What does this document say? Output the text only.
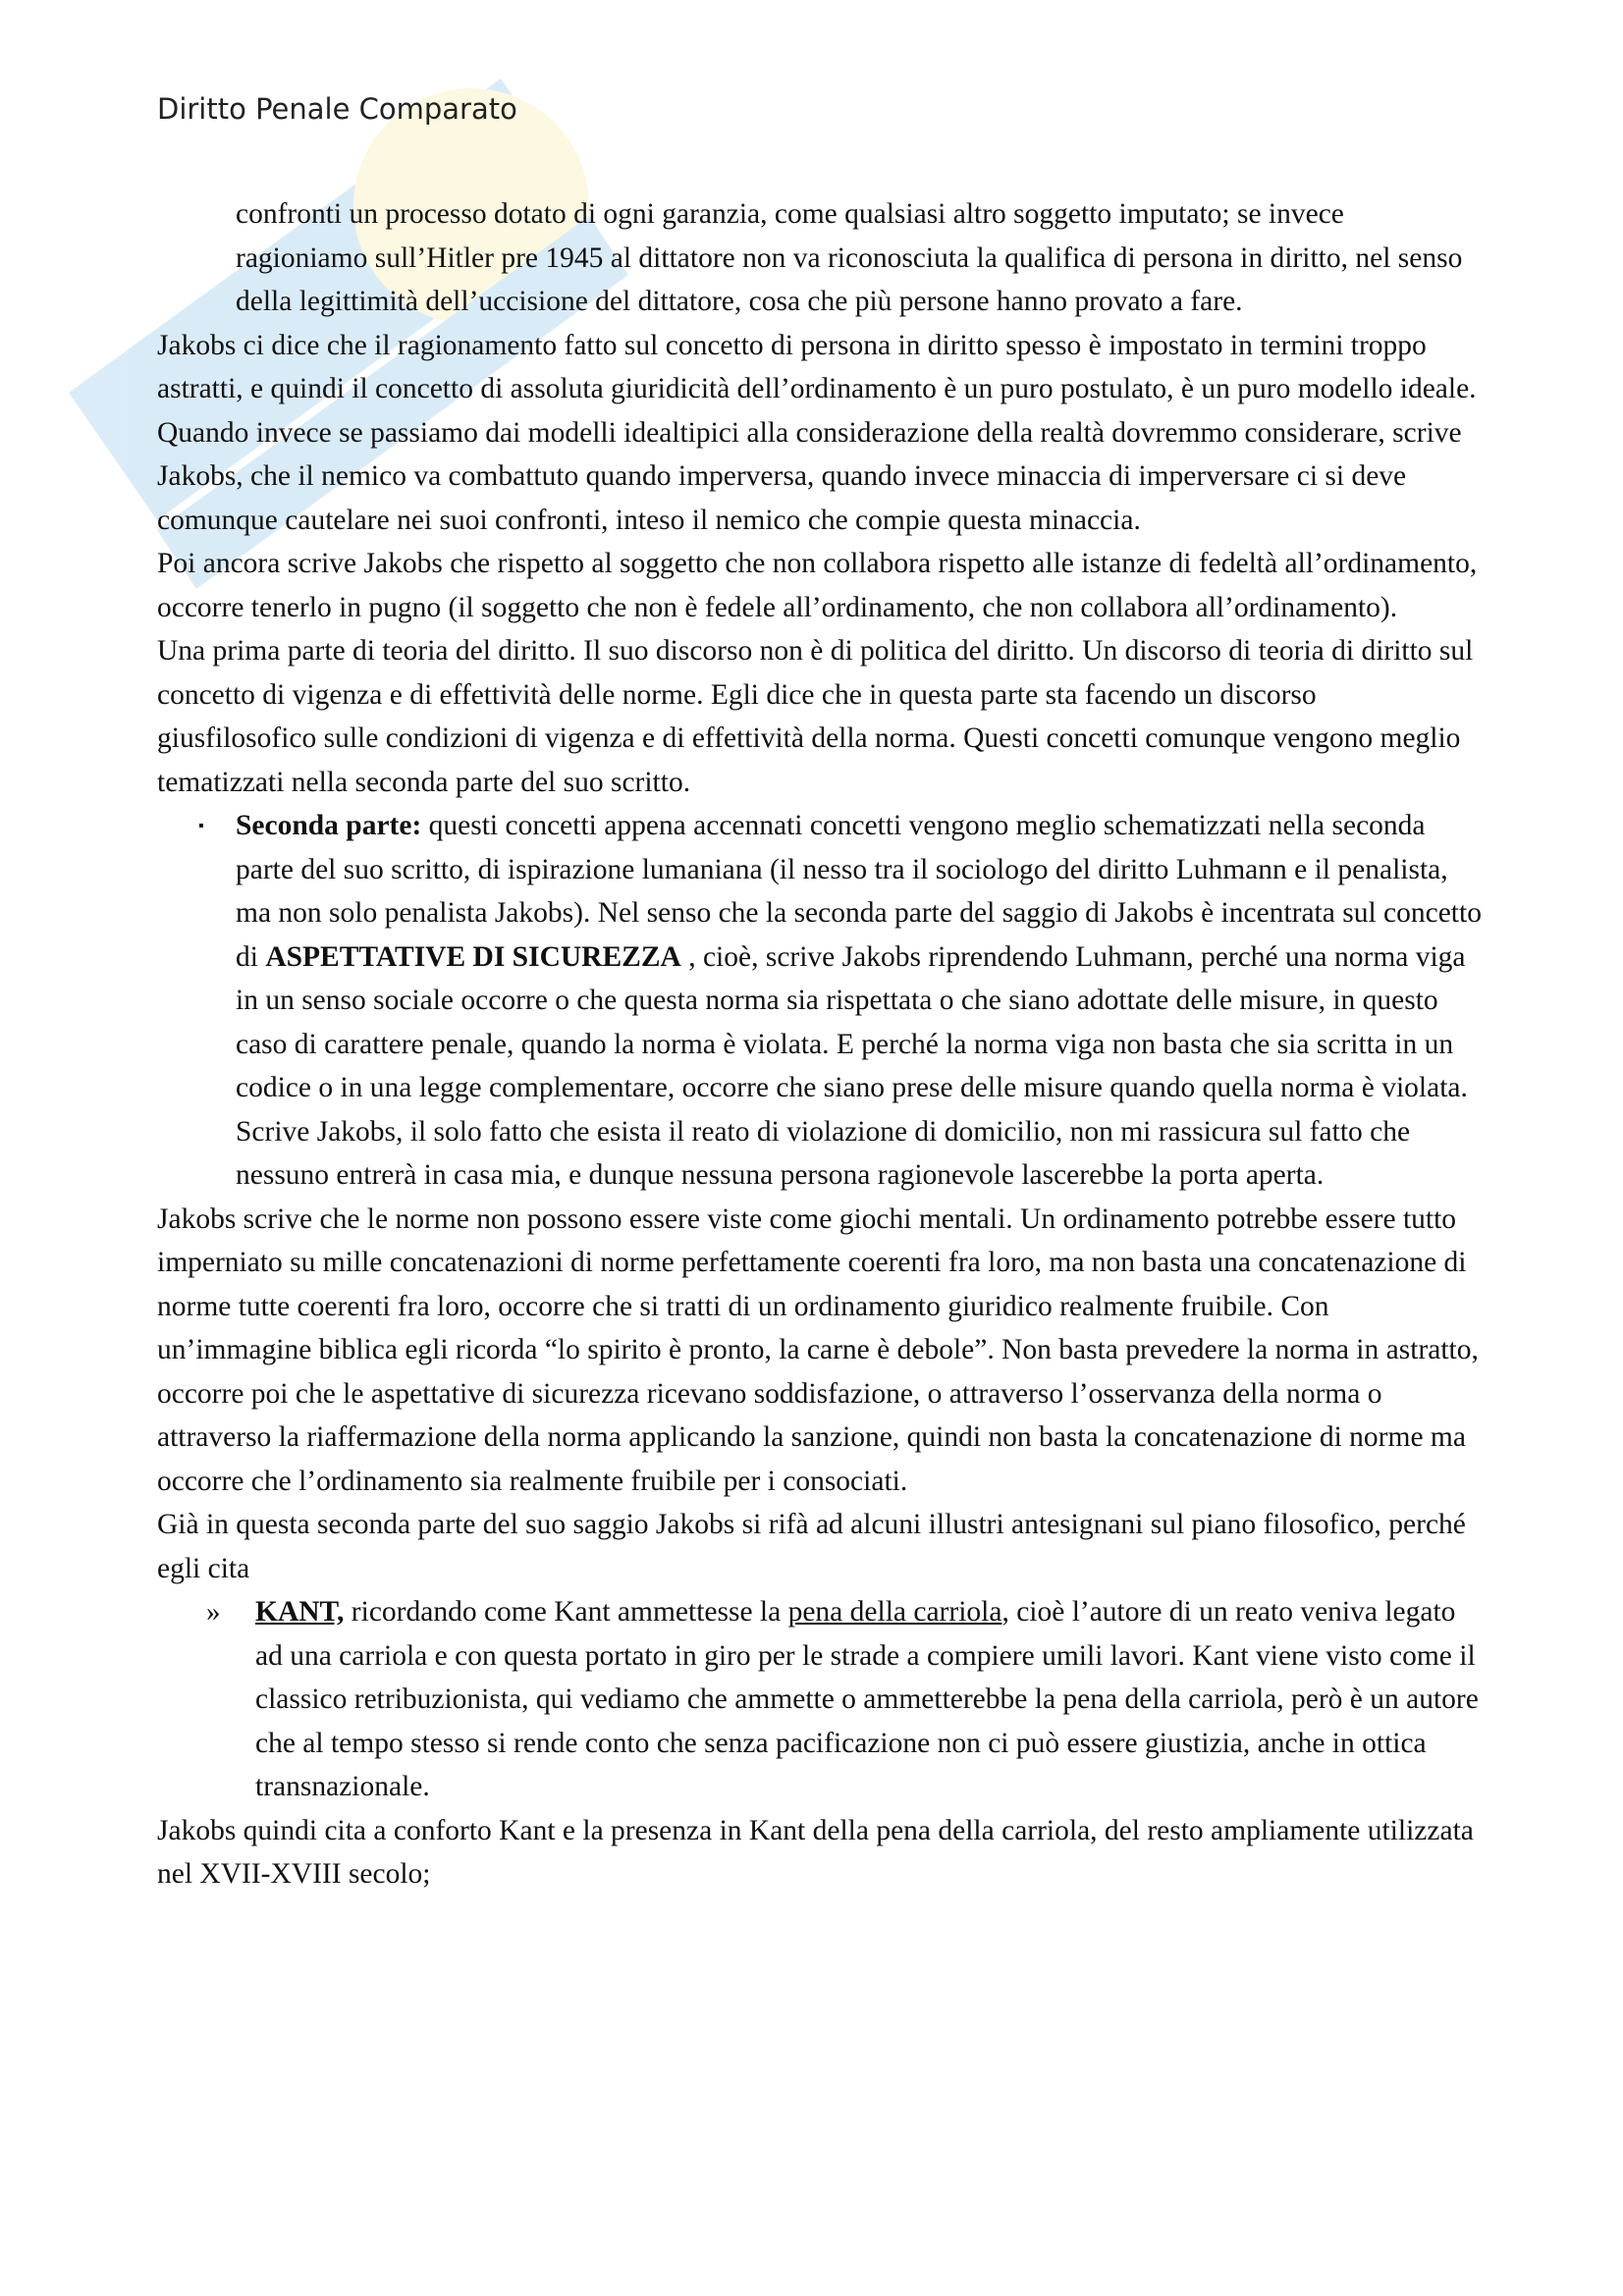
Diritto Penale Comparato

confronti un processo dotato di ogni garanzia, come qualsiasi altro soggetto imputato; se invece ragioniamo sull’Hitler pre 1945 al dittatore non va riconosciuta la qualifica di persona in diritto, nel senso della legittimità dell’uccisione del dittatore, cosa che più persone hanno provato a fare.

Jakobs ci dice che il ragionamento fatto sul concetto di persona in diritto spesso è impostato in termini troppo astratti, e quindi il concetto di assoluta giuridicità dell’ordinamento è un puro postulato, è un puro modello ideale. Quando invece se passiamo dai modelli idealtipici alla considerazione della realtà dovremmo considerare, scrive Jakobs, che il nemico va combattuto quando imperversa, quando invece minaccia di imperversare ci si deve comunque cautelare nei suoi confronti, inteso il nemico che compie questa minaccia.

Poi ancora scrive Jakobs che rispetto al soggetto che non collabora rispetto alle istanze di fedeltà all’ordinamento, occorre tenerlo in pugno (il soggetto che non è fedele all’ordinamento, che non collabora all’ordinamento).

Una prima parte di teoria del diritto. Il suo discorso non è di politica del diritto. Un discorso di teoria di diritto sul concetto di vigenza e di effettività delle norme. Egli dice che in questa parte sta facendo un discorso giusfilosofico sulle condizioni di vigenza e di effettività della norma. Questi concetti comunque vengono meglio tematizzati nella seconda parte del suo scritto.

▪ Seconda parte: questi concetti appena accennati concetti vengono meglio schematizzati nella seconda parte del suo scritto, di ispirazione lumaniana (il nesso tra il sociologo del diritto Luhmann e il penalista, ma non solo penalista Jakobs). Nel senso che la seconda parte del saggio di Jakobs è incentrata sul concetto di ASPETTATIVE DI SICUREZZA , cioè, scrive Jakobs riprendendo Luhmann, perché una norma viga in un senso sociale occorre o che questa norma sia rispettata o che siano adottate delle misure, in questo caso di carattere penale, quando la norma è violata. E perché la norma viga non basta che sia scritta in un codice o in una legge complementare, occorre che siano prese delle misure quando quella norma è violata. Scrive Jakobs, il solo fatto che esista il reato di violazione di domicilio, non mi rassicura sul fatto che nessuno entrerà in casa mia, e dunque nessuna persona ragionevole lascerebbe la porta aperta.

Jakobs scrive che le norme non possono essere viste come giochi mentali. Un ordinamento potrebbe essere tutto imperniato su mille concatenazioni di norme perfettamente coerenti fra loro, ma non basta una concatenazione di norme tutte coerenti fra loro, occorre che si tratti di un ordinamento giuridico realmente fruibile. Con un’immagine biblica egli ricorda “lo spirito è pronto, la carne è debole”. Non basta prevedere la norma in astratto, occorre poi che le aspettative di sicurezza ricevano soddisfazione, o attraverso l’osservanza della norma o attraverso la riaffermazione della norma applicando la sanzione, quindi non basta la concatenazione di norme ma occorre che l’ordinamento sia realmente fruibile per i consociati.

Già in questa seconda parte del suo saggio Jakobs si rifà ad alcuni illustri antesignani sul piano filosofico, perché egli cita

» KANT, ricordando come Kant ammettesse la pena della carriola, cioè l’autore di un reato veniva legato ad una carriola e con questa portato in giro per le strade a compiere umili lavori. Kant viene visto come il classico retribuzionista, qui vediamo che ammette o ammetterebbe la pena della carriola, però è un autore che al tempo stesso si rende conto che senza pacificazione non ci può essere giustizia, anche in ottica transnazionale.

Jakobs quindi cita a conforto Kant e la presenza in Kant della pena della carriola, del resto ampliamente utilizzata nel XVII-XVIII secolo;
